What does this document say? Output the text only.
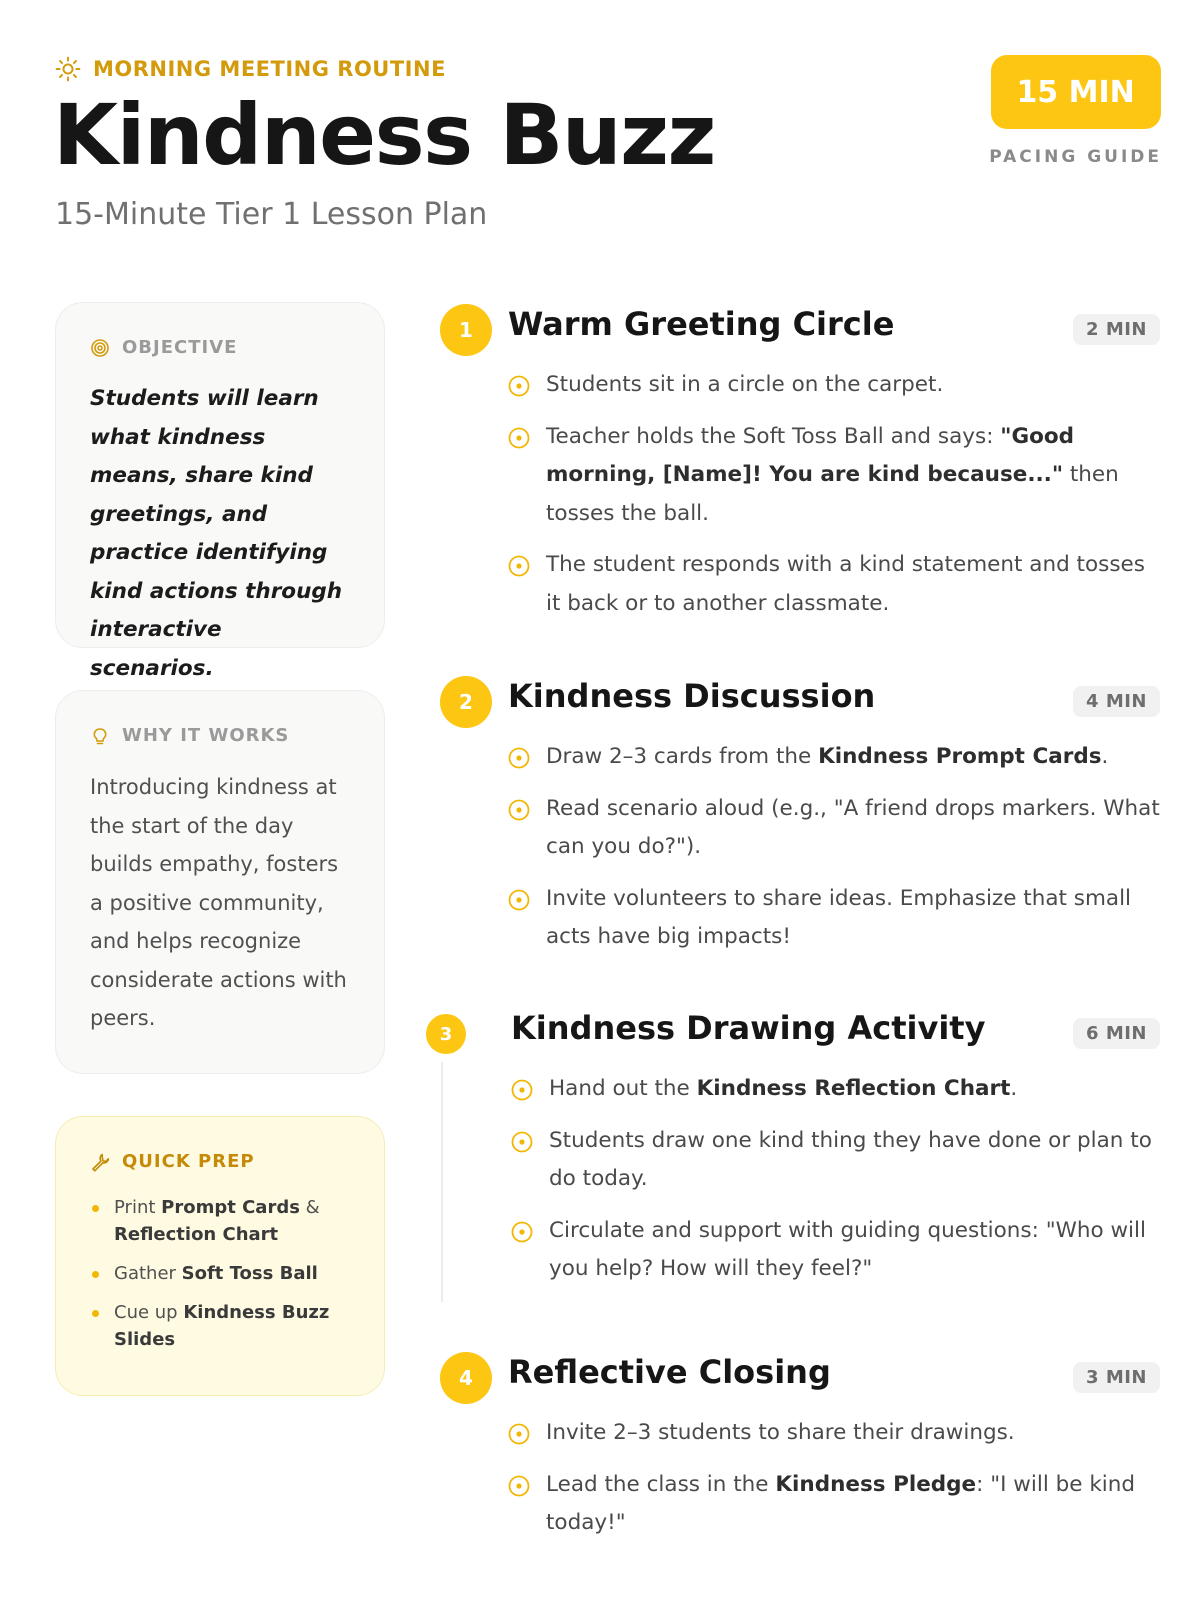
MORNING MEETING ROUTINE
Kindness Buzz
15-Minute Tier 1 Lesson Plan
15 MIN
PACING GUIDE
OBJECTIVE
Students will learn what kindness means, share kind greetings, and practice identifying kind actions through interactive scenarios.
WHY IT WORKS
Introducing kindness at the start of the day builds empathy, fosters a positive community, and helps recognize considerate actions with peers.
QUICK PREP
Print Prompt Cards & Reflection Chart
Gather Soft Toss Ball
Cue up Kindness Buzz Slides
1	Warm Greeting Circle	2 MIN
Students sit in a circle on the carpet.
Teacher holds the Soft Toss Ball and says: "Good morning, [Name]! You are kind because..." then tosses the ball.
The student responds with a kind statement and tosses it back or to another classmate.
2	Kindness Discussion	4 MIN
Draw 2–3 cards from the Kindness Prompt Cards.
Read scenario aloud (e.g., "A friend drops markers. What can you do?").
Invite volunteers to share ideas. Emphasize that small acts have big impacts!
3	Kindness Drawing Activity	6 MIN
Hand out the Kindness Reflection Chart.
Students draw one kind thing they have done or plan to do today.
Circulate and support with guiding questions: "Who will you help? How will they feel?"
4	Reflective Closing	3 MIN
Invite 2–3 students to share their drawings.
Lead the class in the Kindness Pledge: "I will be kind today!"
